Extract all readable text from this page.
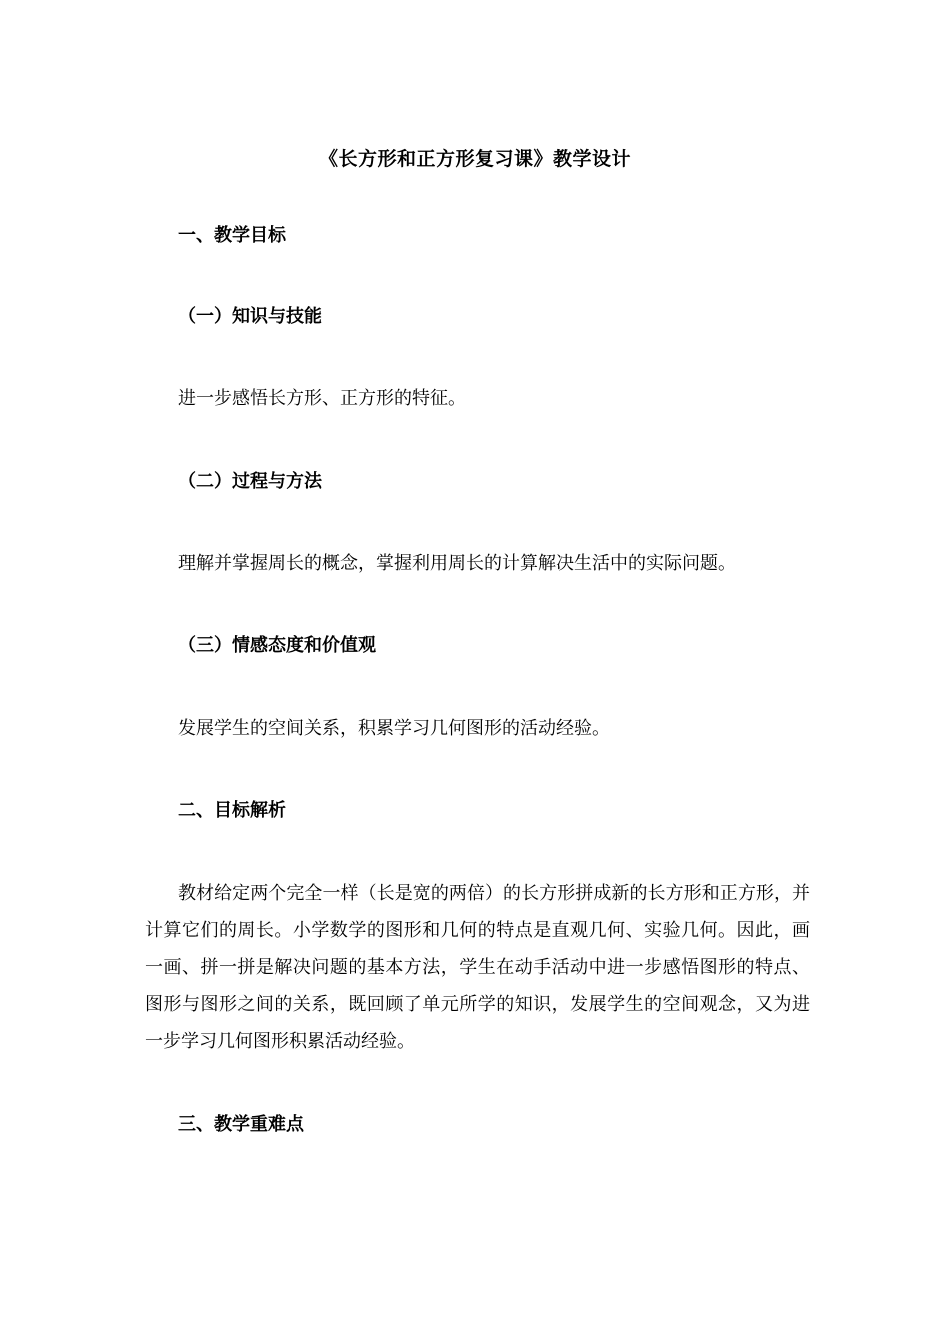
《长方形和正方形复习课》教学设计
一、教学目标
（一）知识与技能
进一步感悟长方形、正方形的特征。
（二）过程与方法
理解并掌握周长的概念，掌握利用周长的计算解决生活中的实际问题。
（三）情感态度和价值观
发展学生的空间关系，积累学习几何图形的活动经验。
二、目标解析
教材给定两个完全一样（长是宽的两倍）的长方形拼成新的长方形和正方形，并计算它们的周长。小学数学的图形和几何的特点是直观几何、实验几何。因此，画一画、拼一拼是解决问题的基本方法，学生在动手活动中进一步感悟图形的特点、图形与图形之间的关系，既回顾了单元所学的知识，发展学生的空间观念，又为进一步学习几何图形积累活动经验。
三、教学重难点
